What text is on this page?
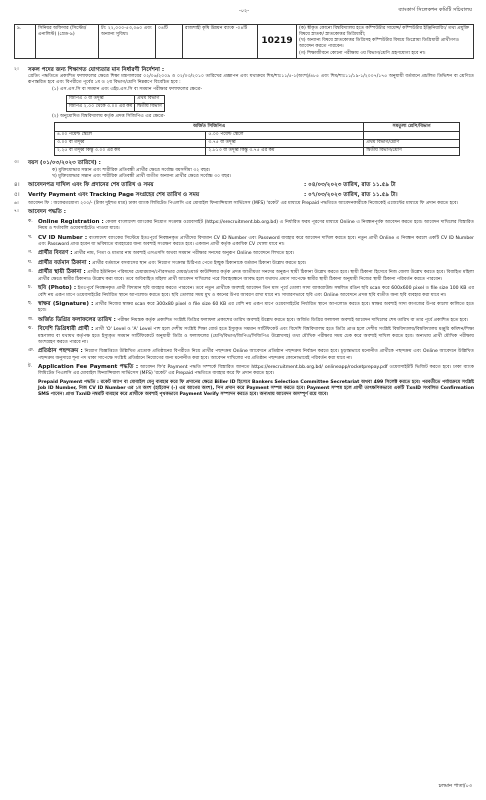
-০২-	ব্যাংকার্স সিলেকশন কমিটি সচিবালয়
৯.	সিনিয়র অফিসার (সিস্টেম/ এনালিস্ট) (গ্রেড-৯)	টা: ২২,০০০-৫৩,০৬০ এবং অন্যান্য সুবিধা।	০৪টি	রাজশাহী কৃষি উন্নয়ন ব্যাংক -০৪টি	10219	
(ক) স্বীকৃত কোনো বিশ্ববিদ্যালয় হতে কম্পিউটার সায়েন্স/ কম্পিউটার ইঞ্জিনিয়ারিং/ তথ্য প্রযুক্তি বিষয়ে স্নাতক/ স্নাতকোত্তর ডিগ্রিধারী;
(খ) অন্যান্য বিষয়ে স্নাতকোত্তর ডিগ্রিসহ কম্পিউটার বিষয়ে ডিপ্লোমা ডিগ্রিধারী প্রার্থীগণও আবেদন করতে পারবেন।
(গ) শিক্ষাজীবনে কোনো পরীক্ষায় ৩য় বিভাগ/শ্রেণি গ্রহণযোগ্য হবে না।
২।	সকল পদের জন্য শিক্ষাগত যোগ্যতার মান নির্ধারণী নির্দেশনা :
গ্রেডিং পদ্ধতিতে প্রকাশিত ফলাফলের ক্ষেত্রে শিক্ষা মন্ত্রণালয়ের ০২/০৬/২০০৯ ও ০২/০৩/২০১০ তারিখের প্রজ্ঞাপন এবং যথাক্রমে শিম/শাঃ১১/৫-১(অংশ)/৪৮৫ এবং শিম/শাঃ১১/১৯-১/২০০৭/১৭৫ অনুযায়ী বর্তমানে প্রচলিত ডিভিশন বা শ্রেণিতে রূপান্তরিত হবে এবং বিপরীতে পূর্বের ১ম ও ২য় বিভাগ/শ্রেণি নিম্নরূপে বিবেচিত হবে :
(১) এস.এস.সি বা সমমান এবং এইচ.এস.সি বা সমমান পরীক্ষার ফলাফলের ক্ষেত্রে-
জিপিএ ৩ বা তদূর্ধ্ব	প্রথম বিভাগ
জিপিএ ২.০০ থেকে ৩.০০ এর কম	দ্বিতীয় বিভাগ
(২) অনুমোদিত বিশ্ববিদ্যালয় কর্তৃক প্রদত্ত সিজিপিএ এর ক্ষেত্রে-
অর্জিত সিজিপিএ		সমতুল্য শ্রেণি/বিভাগ
৪.০০ পয়েন্ট স্কেলে	৫.০০ পয়েন্ট স্কেলে	
৩.০০ বা তদূর্ধ্ব	৩.৭৫ বা তদূর্ধ্ব	প্রথম বিভাগ/শ্রেণি
২.২৫ বা তদূর্ধ্ব কিন্তু ৩.০০ এর কম	২.৮১৩ বা তদূর্ধ্ব কিন্তু ৩.৭৫ এর কম	দ্বিতীয় বিভাগ/শ্রেণি
৩।	বয়স (০১/০৩/২০২৩ তারিখে) :
ক) মুক্তিযোদ্ধার সন্তান এবং শারীরিক প্রতিবন্ধী প্রার্থীর ক্ষেত্রে সর্বোচ্চ বয়সসীমা ৩২ বছর।
খ) মুক্তিযোদ্ধার সন্তান এবং শারীরিক প্রতিবন্ধী প্রার্থী ব্যতীত অন্যান্য প্রার্থীর ক্ষেত্রে সর্বোচ্চ ৩০ বছর।
৪।	আবেদনপত্র দাখিল এবং ফি প্রদানের শেষ তারিখ ও সময়	: ০৪/০৩/২০২৩ তারিখ, রাত ১১.৫৯ টা
৫।	Verify Payment এবং Tracking Page সংগ্রহের শেষ তারিখ ও সময়	: ০৭/০৩/২০২৩ তারিখ, রাত ১১.৫৯ টা।
৬।	আবেদন ফি : অফেরতযোগ্য ২০০/- (টাকা দুইশত মাত্র) ঢাকা ব্যাংক লিমিটেড পিএলসি এর মোবাইল ফিন্যান্সিয়াল সার্ভিসেস (MFS) 'রকেট' এর মাধ্যমে Prepaid পদ্ধতিতে আবেদনকারীকে নিজেকেই এজেন্টের মাধ্যমে ফি প্রদান করতে হবে।
৭।	আবেদন পদ্ধতি :
ক. Online Registration : কেবল বাংলাদেশ ব্যাংকের নিয়োগ সংক্রান্ত ওয়েবসাইট (https://erecruitment.bb.org.bd) এ নির্ধারিত ফরম পূরণের মাধ্যমে Online এ নিবন্ধনপূর্বক আবেদন করতে হবে। আবেদন দাখিলের বিস্তারিত নিয়ম ও শর্তাবলি ওয়েবসাইটেও পাওয়া যাবে।
খ. CV ID Number : বাংলাদেশ ব্যাংকের সিস্টেমে ইতঃপূর্বে নিবন্ধনকৃত প্রার্থীদের বিদ্যমান CV ID Number এবং Password ব্যবহার করে আবেদন দাখিল করতে হবে। নতুন প্রার্থী Online এ নিবন্ধন করলে একটি CV ID Number এবং Password প্রাপ্ত হবেন যা ভবিষ্যতে ব্যবহারের জন্য অবশ্যই সংরক্ষণ করতে হবে। একজন প্রার্থী কর্তৃক একাধিক CV খোলা যাবে না।
গ. প্রার্থীর বিবরণ : প্রার্থীর নাম, পিতা ও মাতার নাম অবশ্যই এসএসসি অথবা সমমান পরীক্ষার সনদের অনুরূপ Online আবেদনে লিখতে হবে।
ঘ.	প্রার্থীর বর্তমান ঠিকানা : প্রার্থীর বর্তমানে বসবাসের স্থান এবং নিয়োগ সংক্রান্ত চিঠিপত্র পেতে ইচ্ছুক ঠিকানাকে বর্তমান ঠিকানা উল্লেখ করতে হবে।
ঙ. প্রার্থীর স্থায়ী ঠিকানা : প্রার্থীর ইউনিয়ন পরিষদের চেয়ারম্যান/পৌরসভার মেয়র/ওয়ার্ড কাউন্সিলর কর্তৃক প্রদত্ত জাতীয়তা সনদের অনুরূপ স্থায়ী ঠিকানা উল্লেখ করতে হবে। স্থায়ী ঠিকানা হিসেবে নিজ জেলা উল্লেখ করতে হবে। বিবাহিত মহিলা প্রার্থীর ক্ষেত্রে স্বামীর ঠিকানাও উল্লেখ করা যাবে। তবে অবিবাহিত মহিলা প্রার্থী আবেদন দাখিলের পরে বিবাহবন্ধনে আবদ্ধ হলে যথাযথ প্রমাণ সাপেক্ষে স্বামীর স্থায়ী ঠিকানা অনুযায়ী নিজের স্থায়ী ঠিকানা পরিবর্তন করতে পারবেন।
চ.	ছবি (Photo) : ইতঃপূর্বে নিবন্ধনকৃত প্রার্থী বিদ্যমান ছবি ব্যবহার করতে পারবেন। তবে নতুন প্রার্থীকে অবশ্যই আবেদন তিন মাস পূর্বে তোলা সাদা ব্যাকগ্রাউন্ড সম্বলিত রঙিন ছবি scan করে 600x600 pixel ও file size 100 KB এর বেশি নয় এরূপ মাপে ওয়েবসাইটের নির্ধারিত স্থানে আপলোড করতে হবে। ছবি তোলার সময় মুখ ও কানের উপর আবরণ রাখা যাবে না। সাধারণভাবে ছবি এবং Online আবেদনে প্রদত্ত ছবি ব্যতীত অন্য ছবি ব্যবহার করা যাবে না।
ছ.	স্বাক্ষর (Signature) : প্রার্থীর নিজের স্বাক্ষর scan করে 300x80 pixel ও file size 60 KB এর বেশি নয় এরূপ মাপে ওয়েবসাইটের নির্ধারিত স্থানে আপলোড করতে হবে। স্বাক্ষর অবশ্যই সাদা কাগজের উপর কালো কালিতে হতে হবে।
জ. অর্জিত ডিগ্রির ফলাফলের তারিখ : পরীক্ষা নিয়ন্ত্রক কর্তৃক প্রকাশিত সংশ্লিষ্ট ডিগ্রির ফলাফল প্রকাশের তারিখ অবশ্যই উল্লেখ করতে হবে। অর্জিত ডিগ্রির ফলাফল অবশ্যই আবেদন দাখিলের শেষ তারিখ বা তার পূর্বে প্রকাশিত হতে হবে।
ঝ. বিদেশি ডিগ্রিধারী প্রার্থী : প্রার্থী 'O' Level ও 'A' Level পাশ হলে দেশীয় সংশ্লিষ্ট শিক্ষা বোর্ড হতে ইস্যুকৃত সমমান সার্টিফিকেট এবং বিদেশি বিশ্ববিদ্যালয় হতে ডিগ্রি প্রাপ্ত হলে দেশীয় সংশ্লিষ্ট বিশ্ববিদ্যালয়/বিশ্ববিদ্যালয় মঞ্জুরি কমিশন/শিক্ষা মন্ত্রণালয় বা যথাযথ কর্তৃপক্ষ হতে ইস্যুকৃত সমমান সার্টিফিকেটে অনুযায়ী ডিগ্রি ও ফলাফলের (শ্রেণি/বিভাগ/জিপিএ/সিজিপিএ উল্লেখসহ) তথ্য মৌখিক পরীক্ষার সময় চেক করে অবশ্যই দাখিল করতে হবে। অন্যথায় প্রার্থী মৌখিক পরীক্ষায় অংশগ্রহণ করতে পারবে না।
ঞ. প্রতিষ্ঠান পছন্দক্রম : নিয়োগ বিজ্ঞপ্তিতে উল্লিখিত প্রত্যেক প্রতিষ্ঠানের বিপরীতে নিয়ে প্রার্থীর পছন্দক্রম Online আবেদনে প্রতিষ্ঠান পছন্দক্রম নির্বাচন করতে হবে। চূড়ান্তভাবে মনোনীত প্রার্থীকে পছন্দক্রম এবং Online আবেদনে উল্লিখিত পছন্দক্রম অনুসারে শূন্য পদ থাকা সাপেক্ষে সংশ্লিষ্ট প্রতিষ্ঠানে নিয়োগের জন্য মনোনীত করা হবে। আবেদন দাখিলের পর প্রতিষ্ঠান পছন্দক্রম কোনোভাবেই পরিবর্তন করা যাবে না।
ট.	Application Fee Payment পদ্ধতি : আবেদন ফি'র Payment পদ্ধতি সম্পর্কে বিস্তারিত জানতে https://erecruitment.bb.org.bd/ onlineapp/rocketprepay.pdf ওয়েবসাইটটি ভিজিট করতে হবে। ঢাকা ব্যাংক লিমিটেড পিএলসি এর মোবাইল ফিন্যান্সিয়াল সার্ভিসেস (MFS) 'রকেট' এর Prepaid পদ্ধতিতে ব্যবহার করে ফি প্রদান করতে হবে।
Prepaid Payment পদ্ধতি : রকেট অ্যাপ বা মোবাইল মেনু ব্যবহার করে ফি প্রদানের ক্ষেত্রে Biller ID হিসেবে Bankers Selection Committee Secretariat অথবা 499 সিলেক্ট করতে হবে। পরবর্তীতে পর্যায়ক্রমে সংশ্লিষ্ট Job ID Number, নিজ CV ID Number এর ১ম অংশ (হাইফেন (-) এর আগের অংশ), পিন প্রদান করে Payment সম্পন্ন করতে হবে। Payment সম্পন্ন হলে প্রার্থী তাৎক্ষণিকভাবে একটি TxnID সংবলিত Confirmation SMS পাবেন। প্রাপ্ত TxnID নম্বরটি ব্যবহার করে প্রার্থীকে অবশ্যই পৃথকভাবে Payment Verify সম্পাদন করতে হবে। অন্যথায় আবেদন অসম্পূর্ণ রয়ে যাবে।
চলমান পাতা/০৩
